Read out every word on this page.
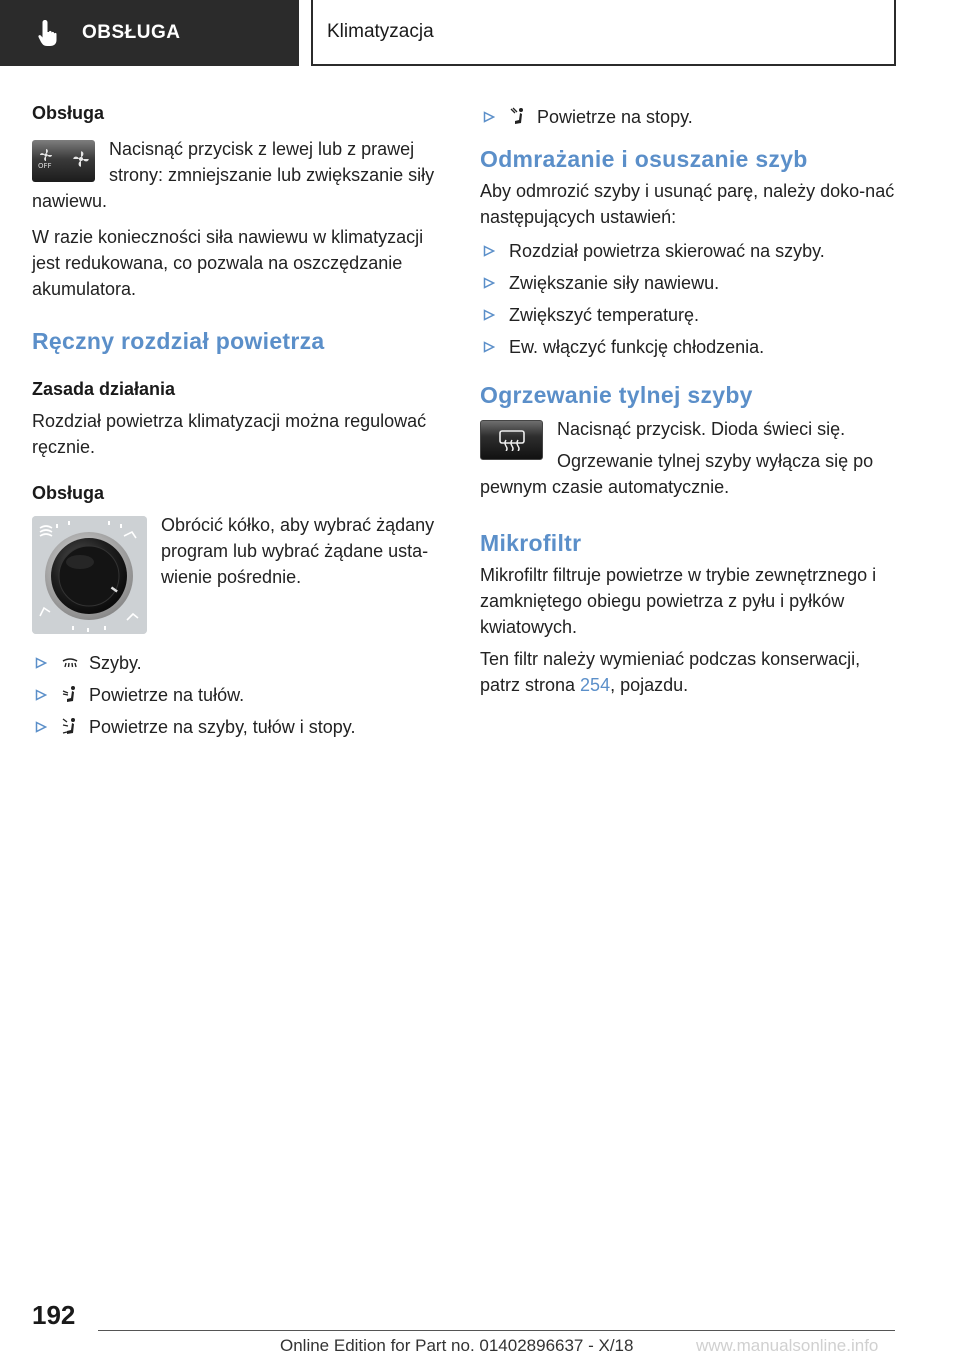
OBSŁUGA	Klimatyzacja
Obsługa
OFF

Nacisnąć przycisk z lewej lub z prawej strony: zmniejszanie lub zwiększanie siły nawiewu.

W razie konieczności siła nawiewu w klimatyzacji jest redukowana, co pozwala na oszczędzanie akumulatora.

Ręczny rozdział powietrza
Zasada działania

Rozdział powietrza klimatyzacji można regulować ręcznie.

Obsługa

Obrócić kółko, aby wybrać żądany program lub wybrać żądane usta-wienie pośrednie.

Szyby.
Powietrze na tułów.
Powietrze na szyby, tułów i stopy.
Powietrze na stopy.
Odmrażanie i osuszanie szyb

Aby odmrozić szyby i usunąć parę, należy doko-nać następujących ustawień:

Rozdział powietrza skierować na szyby.
Zwiększanie siły nawiewu.
Zwiększyć temperaturę.
Ew. włączyć funkcję chłodzenia.
Ogrzewanie tylnej szyby

Nacisnąć przycisk. Dioda świeci się.

Ogrzewanie tylnej szyby wyłącza się po pewnym czasie automatycznie.

Mikrofiltr

Mikrofiltr filtruje powietrze w trybie zewnętrznego i zamkniętego obiegu powietrza z pyłu i pyłków kwiatowych.

Ten filtr należy wymieniać podczas konserwacji, patrz strona 254, pojazdu.

192
Online Edition for Part no. 01402896637 - X/18	www.manualsonline.info
